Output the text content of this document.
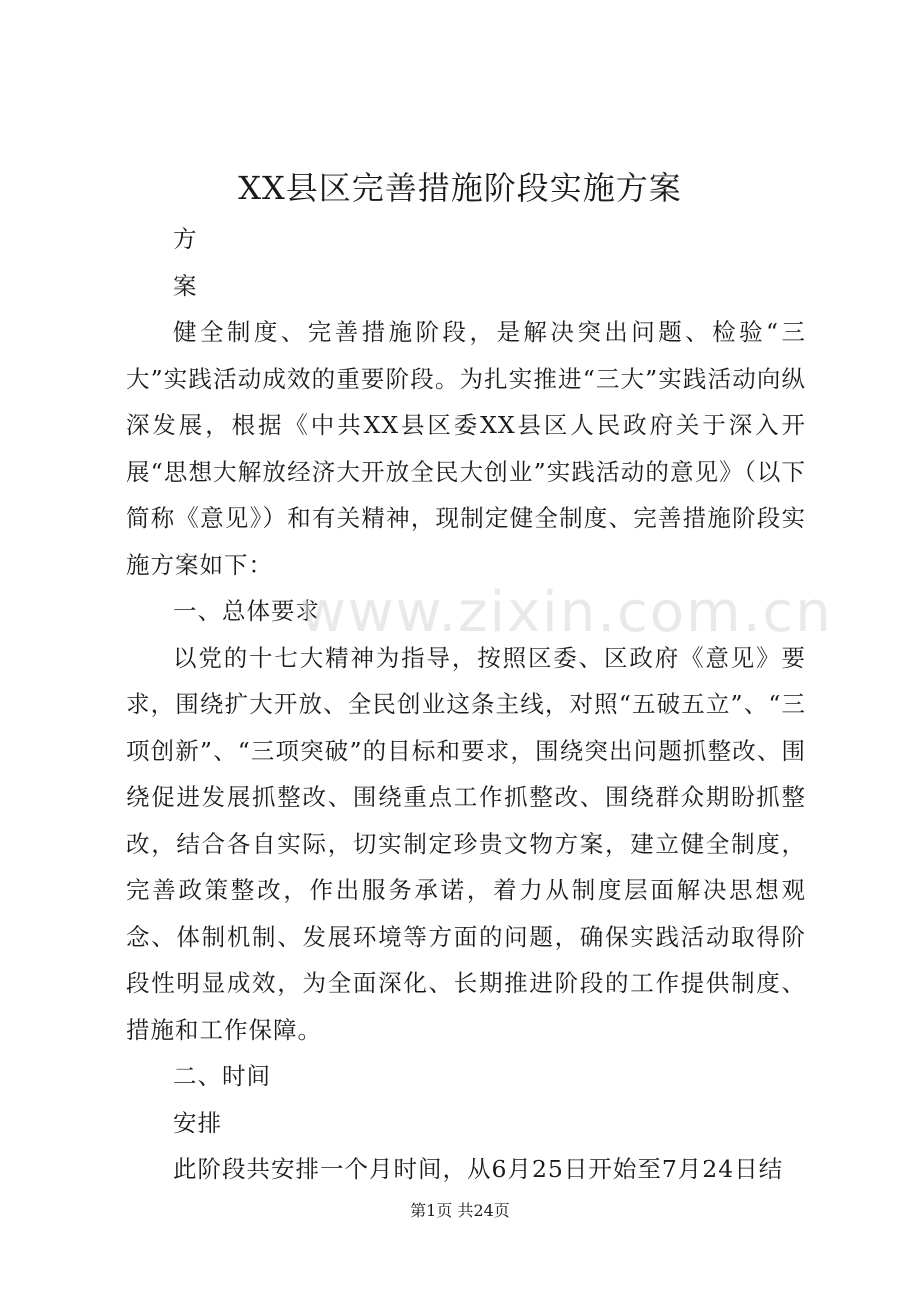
XX县区完善措施阶段实施方案

方

案

健全制度、完善措施阶段，是解决突出问题、检验“三大”实践活动成效的重要阶段。为扎实推进“三大”实践活动向纵深发展，根据《中共XX县区委XX县区人民政府关于深入开展“思想大解放经济大开放全民大创业”实践活动的意见》（以下简称《意见》）和有关精神，现制定健全制度、完善措施阶段实施方案如下：

一、总体要求

以党的十七大精神为指导，按照区委、区政府《意见》要求，围绕扩大开放、全民创业这条主线，对照“五破五立”、“三项创新”、“三项突破”的目标和要求，围绕突出问题抓整改、围绕促进发展抓整改、围绕重点工作抓整改、围绕群众期盼抓整改，结合各自实际，切实制定珍贵文物方案，建立健全制度，完善政策整改，作出服务承诺，着力从制度层面解决思想观念、体制机制、发展环境等方面的问题，确保实践活动取得阶段性明显成效，为全面深化、长期推进阶段的工作提供制度、措施和工作保障。

二、时间

安排

此阶段共安排一个月时间，从6月25日开始至7月24日结

www.zixin.com.cn
第1页 共24页
